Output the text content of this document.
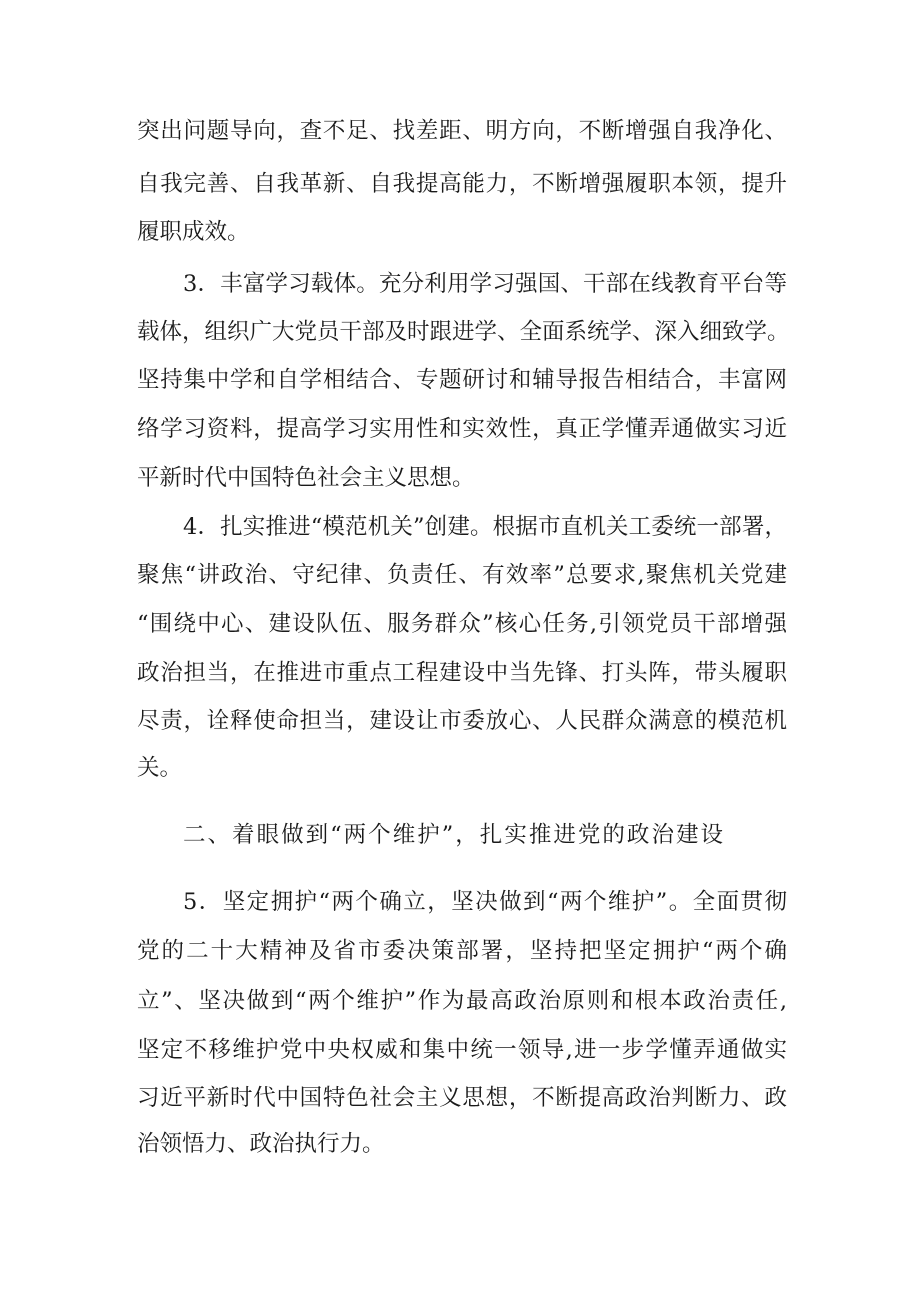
突出问题导向，查不足、找差距、明方向，不断增强自我净化、
自我完善、自我革新、自我提高能力，不断增强履职本领，提升
履职成效。
3．丰富学习载体。充分利用学习强国、干部在线教育平台等
载体，组织广大党员干部及时跟进学、全面系统学、深入细致学。
坚持集中学和自学相结合、专题研讨和辅导报告相结合，丰富网
络学习资料，提高学习实用性和实效性，真正学懂弄通做实习近
平新时代中国特色社会主义思想。
4．扎实推进“模范机关”创建。根据市直机关工委统一部署，
聚焦“讲政治、守纪律、负责任、有效率”总要求,聚焦机关党建
“围绕中心、建设队伍、服务群众”核心任务,引领党员干部增强
政治担当，在推进市重点工程建设中当先锋、打头阵，带头履职
尽责，诠释使命担当，建设让市委放心、人民群众满意的模范机
关。
二、着眼做到“两个维护”，扎实推进党的政治建设
5．坚定拥护“两个确立，坚决做到“两个维护”。全面贯彻
党的二十大精神及省市委决策部署，坚持把坚定拥护“两个确
立”、坚决做到“两个维护”作为最高政治原则和根本政治责任,
坚定不移维护党中央权威和集中统一领导,进一步学懂弄通做实
习近平新时代中国特色社会主义思想，不断提高政治判断力、政
治领悟力、政治执行力。
